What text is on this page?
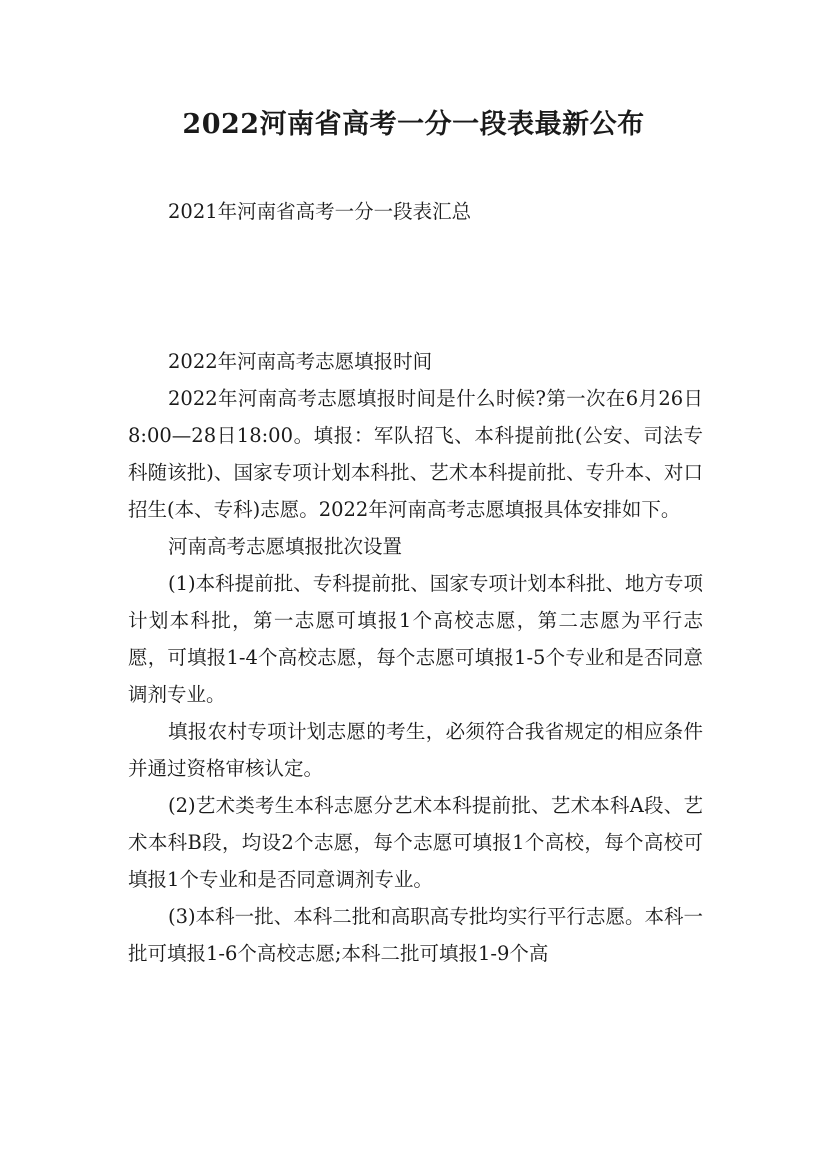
2022河南省高考一分一段表最新公布

2021年河南省高考一分一段表汇总

2022年河南高考志愿填报时间

2022年河南高考志愿填报时间是什么时候?第一次在6月26日8:00—28日18:00。填报：军队招飞、本科提前批(公安、司法专科随该批)、国家专项计划本科批、艺术本科提前批、专升本、对口招生(本、专科)志愿。2022年河南高考志愿填报具体安排如下。

河南高考志愿填报批次设置

(1)本科提前批、专科提前批、国家专项计划本科批、地方专项计划本科批，第一志愿可填报1个高校志愿，第二志愿为平行志愿，可填报1-4个高校志愿，每个志愿可填报1-5个专业和是否同意调剂专业。

填报农村专项计划志愿的考生，必须符合我省规定的相应条件并通过资格审核认定。

(2)艺术类考生本科志愿分艺术本科提前批、艺术本科A段、艺术本科B段，均设2个志愿，每个志愿可填报1个高校，每个高校可填报1个专业和是否同意调剂专业。

(3)本科一批、本科二批和高职高专批均实行平行志愿。本科一批可填报1-6个高校志愿;本科二批可填报1-9个高
